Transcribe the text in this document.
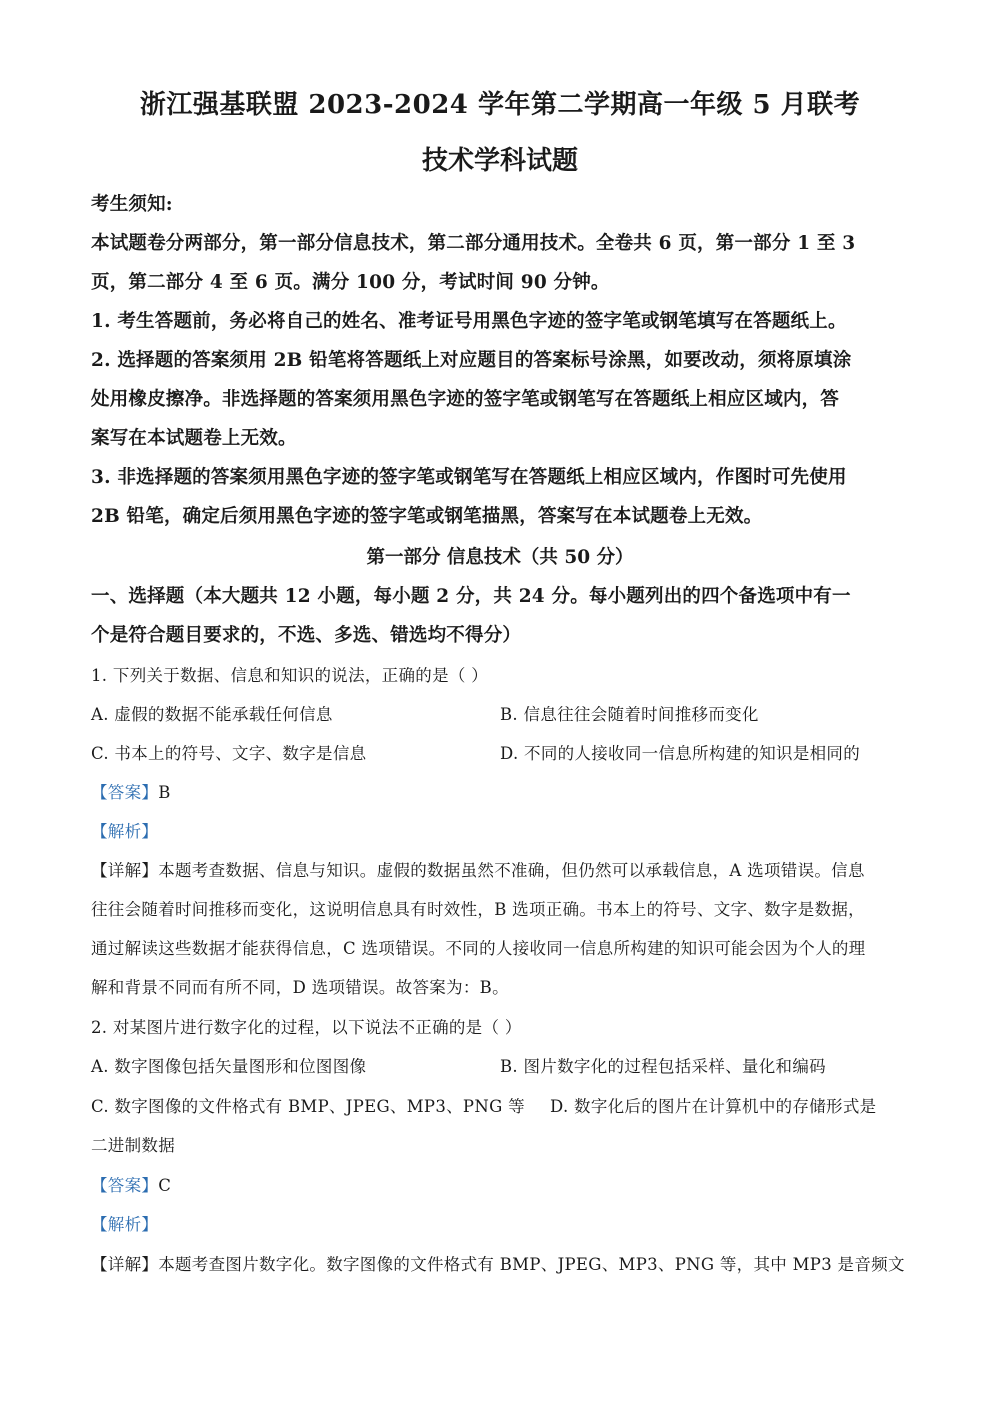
浙江强基联盟 2023-2024 学年第二学期高一年级 5 月联考
技术学科试题
考生须知:
本试题卷分两部分，第一部分信息技术，第二部分通用技术。全卷共 6 页，第一部分 1 至 3
页，第二部分 4 至 6 页。满分 100 分，考试时间 90 分钟。
1. 考生答题前，务必将自己的姓名、准考证号用黑色字迹的签字笔或钢笔填写在答题纸上。
2. 选择题的答案须用 2B 铅笔将答题纸上对应题目的答案标号涂黑，如要改动，须将原填涂
处用橡皮擦净。非选择题的答案须用黑色字迹的签字笔或钢笔写在答题纸上相应区域内，答
案写在本试题卷上无效。
3. 非选择题的答案须用黑色字迹的签字笔或钢笔写在答题纸上相应区域内，作图时可先使用
2B 铅笔，确定后须用黑色字迹的签字笔或钢笔描黑，答案写在本试题卷上无效。
第一部分 信息技术（共 50 分）
一、选择题（本大题共 12 小题，每小题 2 分，共 24 分。每小题列出的四个备选项中有一
个是符合题目要求的，不选、多选、错选均不得分）
1. 下列关于数据、信息和知识的说法，正确的是（ ）
A. 虚假的数据不能承载任何信息	B. 信息往往会随着时间推移而变化
C. 书本上的符号、文字、数字是信息	D. 不同的人接收同一信息所构建的知识是相同的
【答案】B
【解析】
【详解】本题考查数据、信息与知识。虚假的数据虽然不准确，但仍然可以承载信息，A 选项错误。信息
往往会随着时间推移而变化，这说明信息具有时效性，B 选项正确。书本上的符号、文字、数字是数据，
通过解读这些数据才能获得信息，C 选项错误。不同的人接收同一信息所构建的知识可能会因为个人的理
解和背景不同而有所不同，D 选项错误。故答案为：B。
2. 对某图片进行数字化的过程，以下说法不正确的是（ ）
A. 数字图像包括矢量图形和位图图像	B. 图片数字化的过程包括采样、量化和编码
C. 数字图像的文件格式有 BMP、JPEG、MP3、PNG 等 D. 数字化后的图片在计算机中的存储形式是
二进制数据
【答案】C
【解析】
【详解】本题考查图片数字化。数字图像的文件格式有 BMP、JPEG、MP3、PNG 等，其中 MP3 是音频文
